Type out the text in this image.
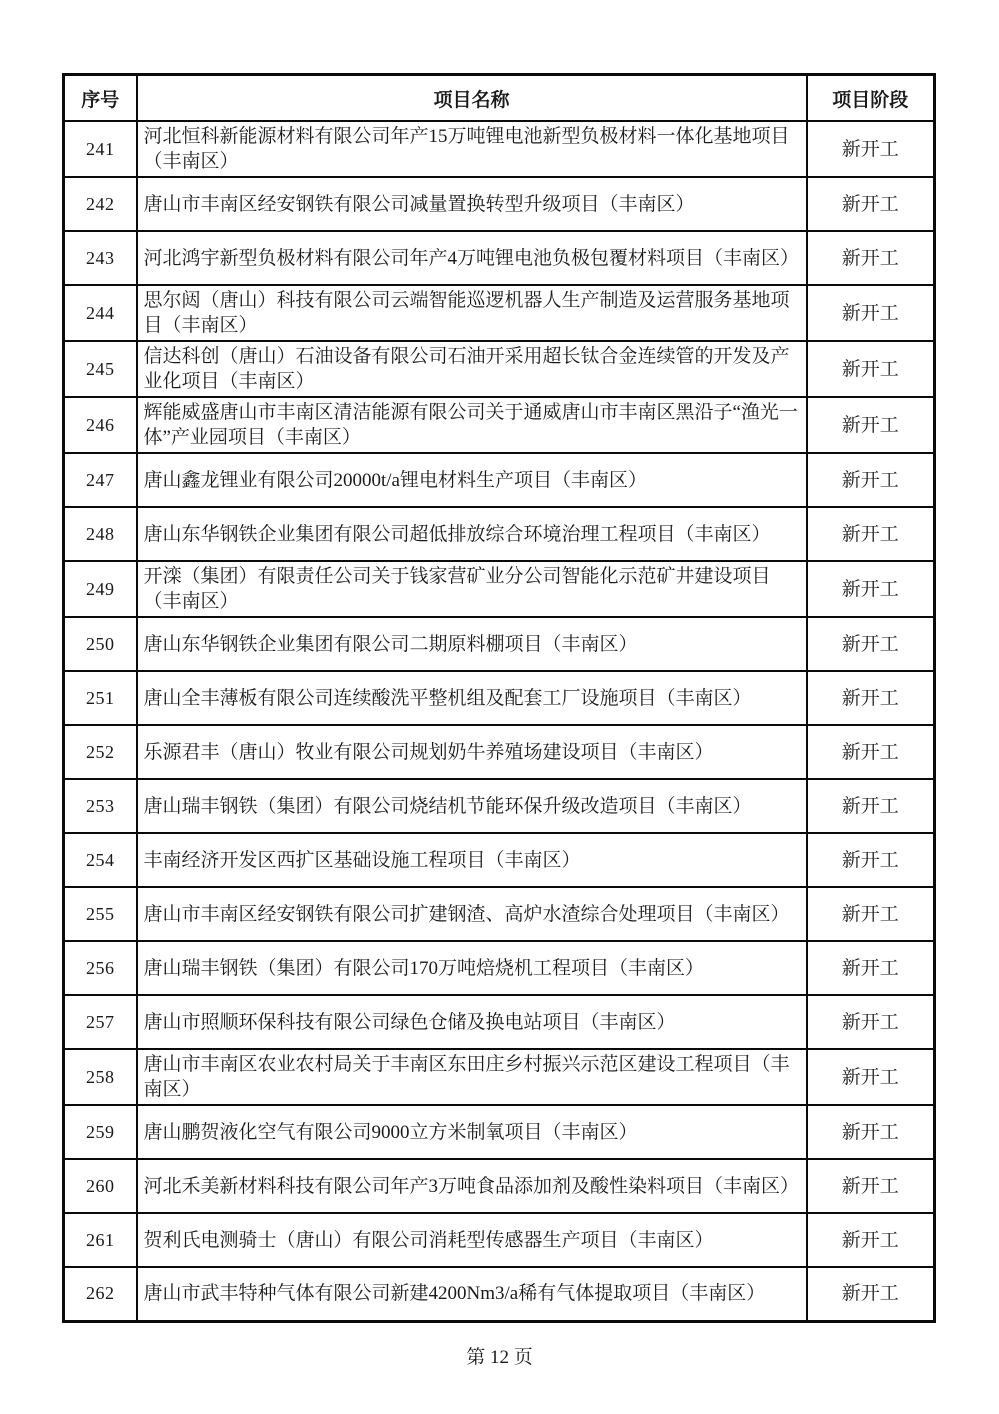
序号	项目名称	项目阶段
241	河北恒科新能源材料有限公司年产15万吨锂电池新型负极材料一体化基地项目（丰南区）	新开工
242	唐山市丰南区经安钢铁有限公司减量置换转型升级项目（丰南区）	新开工
243	河北鸿宇新型负极材料有限公司年产4万吨锂电池负极包覆材料项目（丰南区）	新开工
244	思尔闼（唐山）科技有限公司云端智能巡逻机器人生产制造及运营服务基地项目（丰南区）	新开工
245	信达科创（唐山）石油设备有限公司石油开采用超长钛合金连续管的开发及产业化项目（丰南区）	新开工
246	辉能威盛唐山市丰南区清洁能源有限公司关于通威唐山市丰南区黑沿子“渔光一体”产业园项目（丰南区）	新开工
247	唐山鑫龙锂业有限公司20000t/a锂电材料生产项目（丰南区）	新开工
248	唐山东华钢铁企业集团有限公司超低排放综合环境治理工程项目（丰南区）	新开工
249	开滦（集团）有限责任公司关于钱家营矿业分公司智能化示范矿井建设项目（丰南区）	新开工
250	唐山东华钢铁企业集团有限公司二期原料棚项目（丰南区）	新开工
251	唐山全丰薄板有限公司连续酸洗平整机组及配套工厂设施项目（丰南区）	新开工
252	乐源君丰（唐山）牧业有限公司规划奶牛养殖场建设项目（丰南区）	新开工
253	唐山瑞丰钢铁（集团）有限公司烧结机节能环保升级改造项目（丰南区）	新开工
254	丰南经济开发区西扩区基础设施工程项目（丰南区）	新开工
255	唐山市丰南区经安钢铁有限公司扩建钢渣、高炉水渣综合处理项目（丰南区）	新开工
256	唐山瑞丰钢铁（集团）有限公司170万吨焙烧机工程项目（丰南区）	新开工
257	唐山市照顺环保科技有限公司绿色仓储及换电站项目（丰南区）	新开工
258	唐山市丰南区农业农村局关于丰南区东田庄乡村振兴示范区建设工程项目（丰南区）	新开工
259	唐山鹏贺液化空气有限公司9000立方米制氧项目（丰南区）	新开工
260	河北禾美新材料科技有限公司年产3万吨食品添加剂及酸性染料项目（丰南区）	新开工
261	贺利氏电测骑士（唐山）有限公司消耗型传感器生产项目（丰南区）	新开工
262	唐山市武丰特种气体有限公司新建4200Nm3/a稀有气体提取项目（丰南区）	新开工
第 12 页
